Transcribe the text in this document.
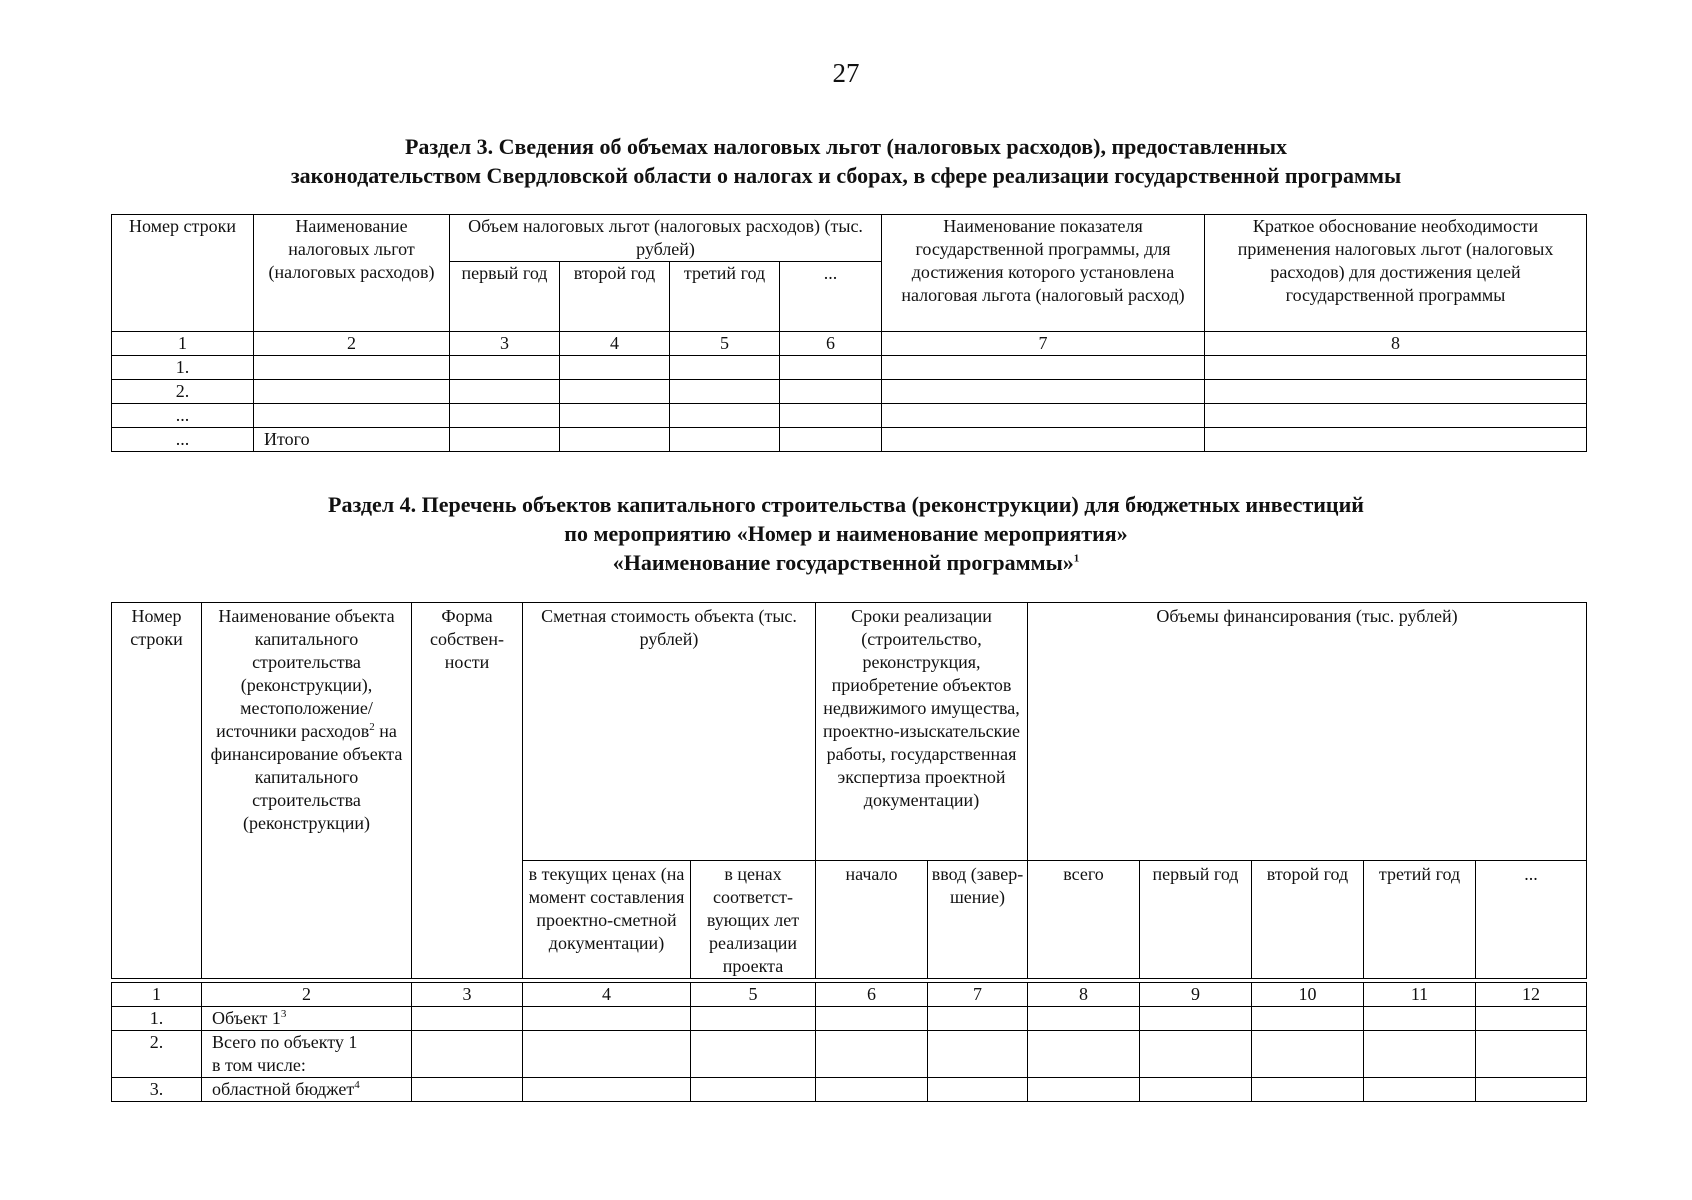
27
Раздел 3. Сведения об объемах налоговых льгот (налоговых расходов), предоставленных
законодательством Свердловской области о налогах и сборах, в сфере реализации государственной программы
Номер строки	Наименование налоговых льгот (налоговых расходов)	Объем налоговых льгот (налоговых расходов) (тыс. рублей)				Наименование показателя государственной программы, для достижения которого установлена налоговая льгота (налоговый расход)	Краткое обоснование необходимости применения налоговых льгот (налоговых расходов) для достижения целей государственной программы
		первый год	второй год	третий год	...		
1	2	3	4	5	6	7	8
1.							
2.							
...							
...	Итого						
Раздел 4. Перечень объектов капитального строительства (реконструкции) для бюджетных инвестиций
по мероприятию «Номер и наименование мероприятия»
«Наименование государственной программы»$^1$
Номер строки	Наименование объекта капитального строительства (реконструкции), местоположение/ источники расходов$^2$ на финансирование объекта капитального строительства (реконструкции)	Форма собствен-ности	Сметная стоимость объекта (тыс. рублей)		Сроки реализации (строительство, реконструкция, приобретение объектов недвижимого имущества, проектно-изыскательские работы, государственная экспертиза проектной документации)		Объемы финансирования (тыс. рублей)				
			в текущих ценах (на момент составления проектно-сметной документации)	в ценах соответст-вующих лет реализации проекта	начало	ввод (завер-шение)	всего	первый год	второй год	третий год	...
1	2	3	4	5	6	7	8	9	10	11	12
1.	Объект $1^3$										
2.	Всего по объекту 1
в том числе:										

3.	областной бюджет$^4$										
